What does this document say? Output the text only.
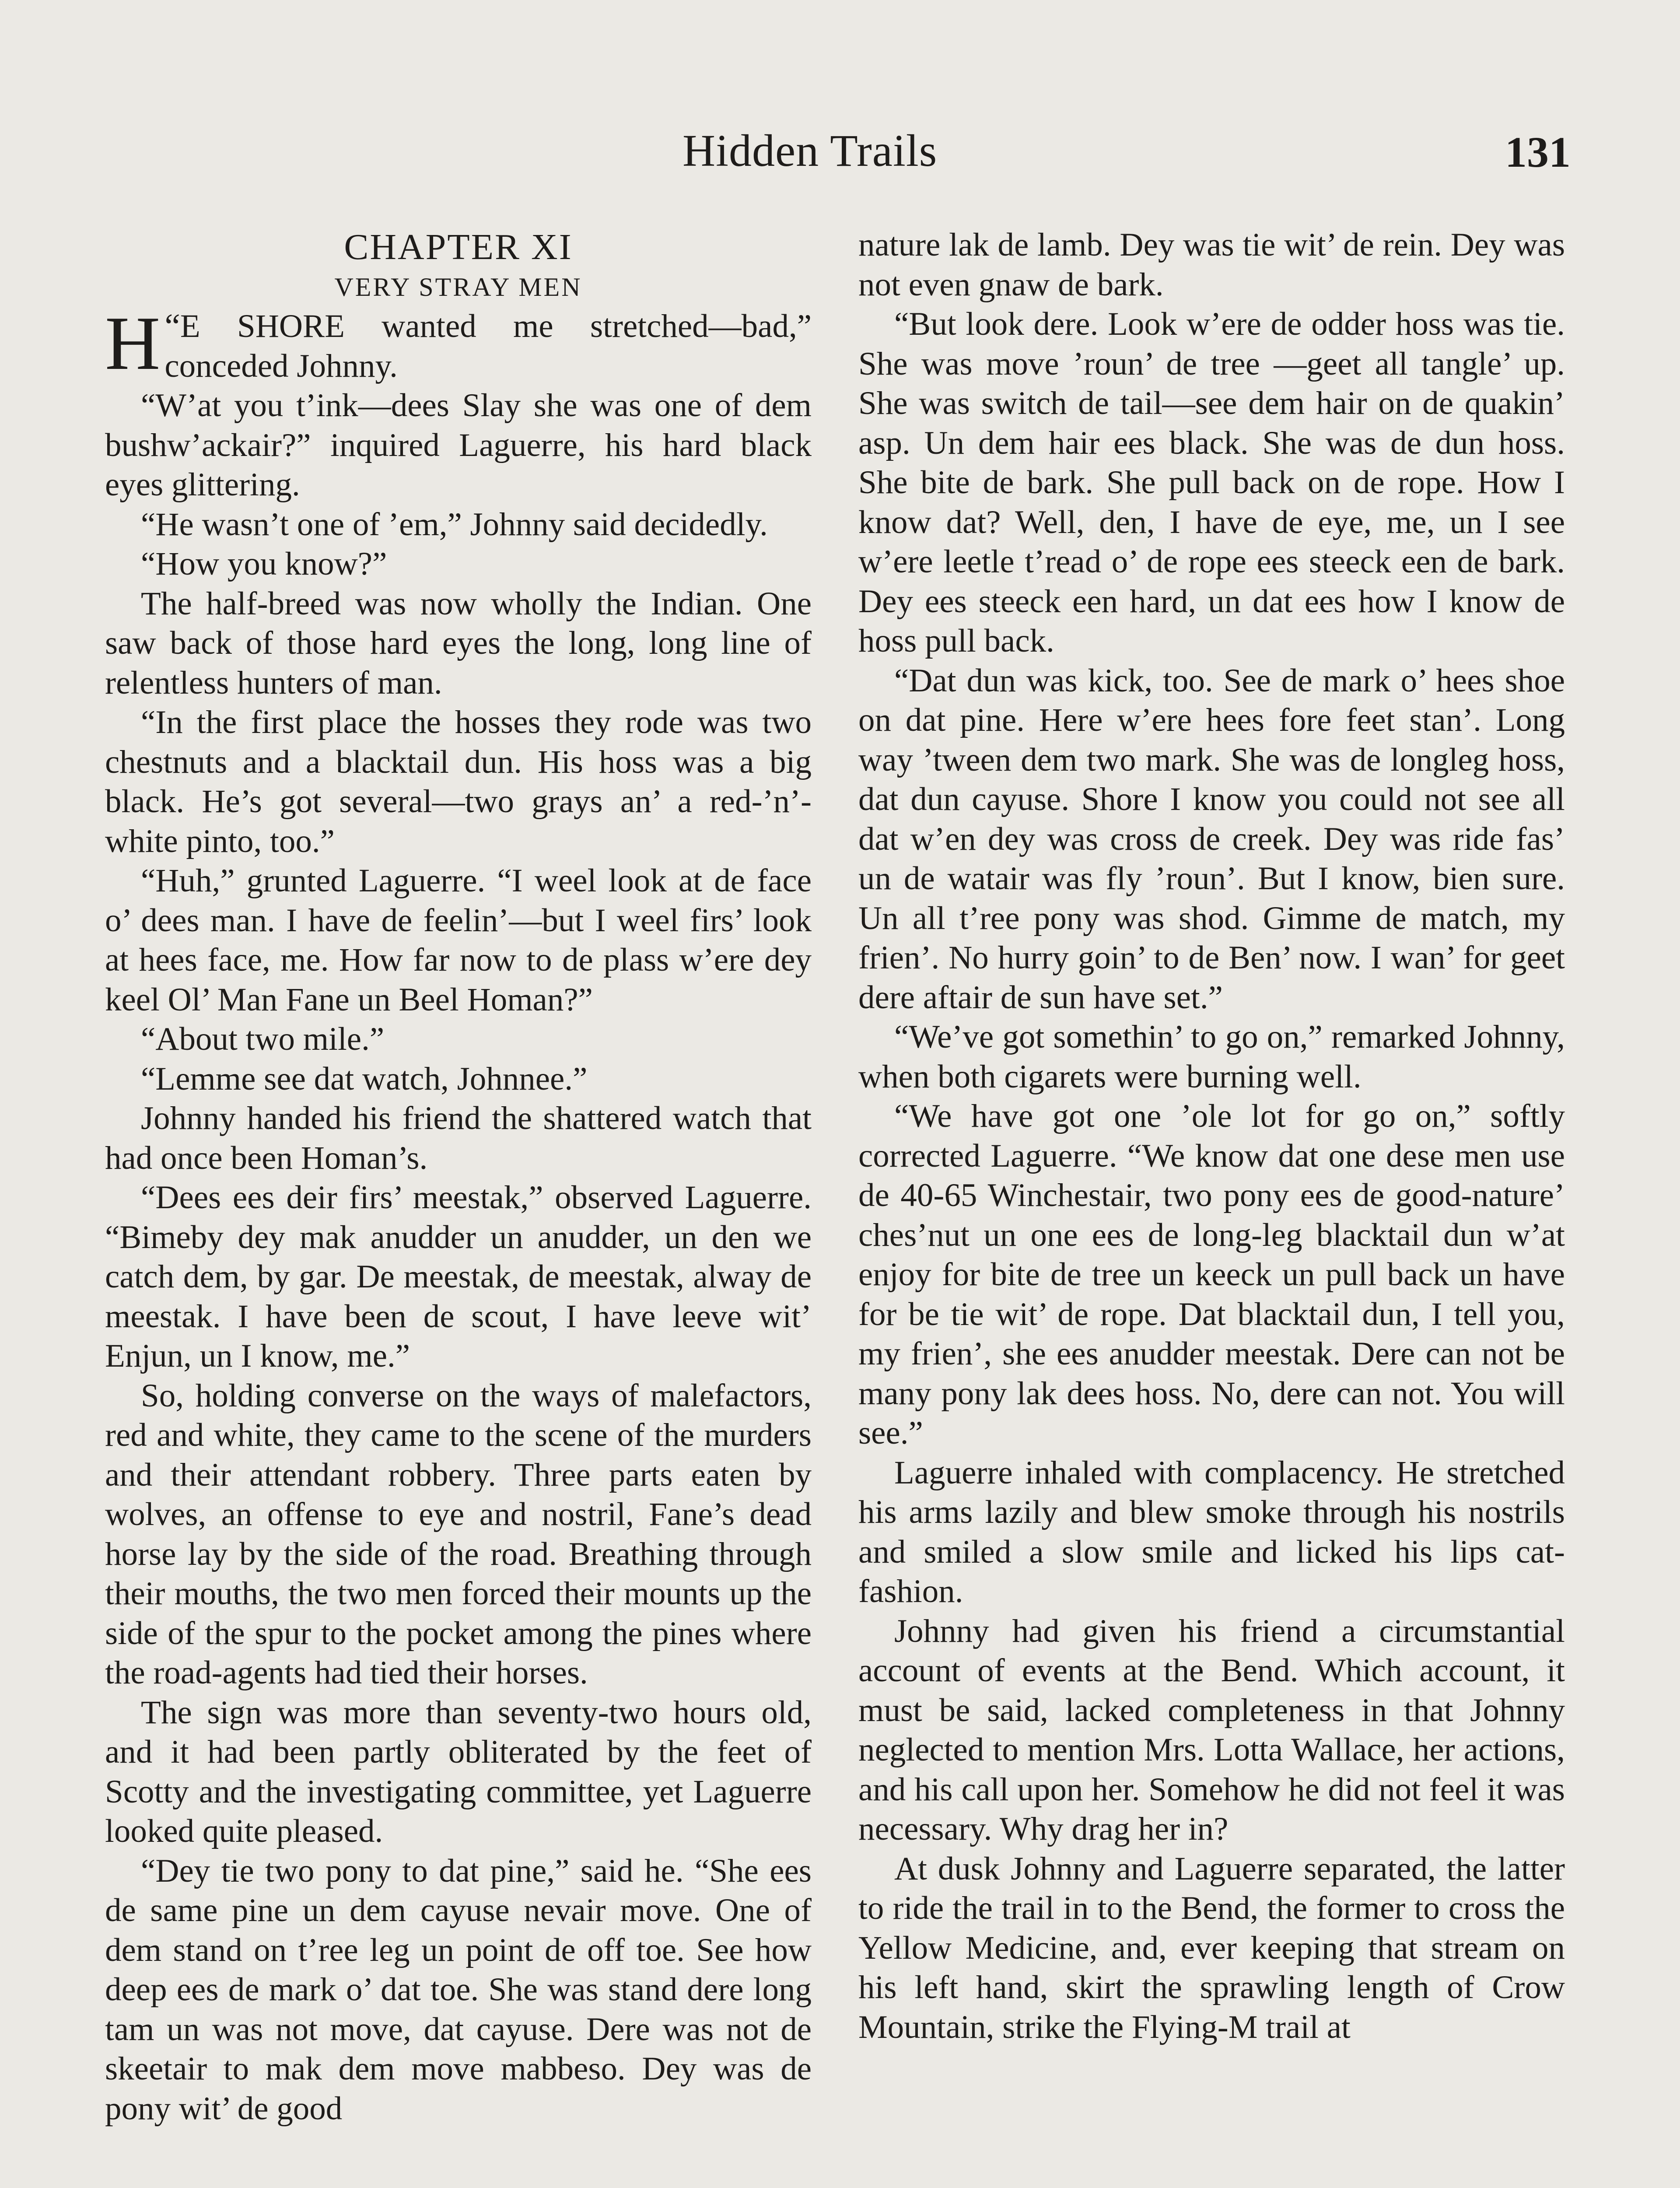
Hidden Trails	131

CHAPTER XI

VERY STRAY MEN

“
H E SHORE wanted me stretched—bad,” conceded Johnny.

“W’at you t’ink—dees Slay she was one of dem bushw’ackair?” inquired Laguerre, his hard black eyes glittering.

“He wasn’t one of ’em,” Johnny said decidedly.

“How you know?”

The half-breed was now wholly the Indian. One saw back of those hard eyes the long, long line of relentless hunters of man.

“In the first place the hosses they rode was two chestnuts and a blacktail dun. His hoss was a big black. He’s got several—two grays an’ a red-’n’-white pinto, too.”

“Huh,” grunted Laguerre. “I weel look at de face o’ dees man. I have de feelin’—but I weel firs’ look at hees face, me. How far now to de plass w’ere dey keel Ol’ Man Fane un Beel Homan?”

“About two mile.”

“Lemme see dat watch, Johnnee.”

Johnny handed his friend the shattered watch that had once been Homan’s.

“Dees ees deir firs’ meestak,” observed Laguerre. “Bimeby dey mak anudder un anudder, un den we catch dem, by gar. De meestak, de meestak, alway de meestak. I have been de scout, I have leeve wit’ Enjun, un I know, me.”

So, holding converse on the ways of malefactors, red and white, they came to the scene of the murders and their attendant robbery. Three parts eaten by wolves, an offense to eye and nostril, Fane’s dead horse lay by the side of the road. Breathing through their mouths, the two men forced their mounts up the side of the spur to the pocket among the pines where the road-agents had tied their horses.

The sign was more than seventy-two hours old, and it had been partly obliterated by the feet of Scotty and the investigating committee, yet Laguerre looked quite pleased.

“Dey tie two pony to dat pine,” said he. “She ees de same pine un dem cayuse nevair move. One of dem stand on t’ree leg un point de off toe. See how deep ees de mark o’ dat toe. She was stand dere long tam un was not move, dat cayuse. Dere was not de skeetair to mak dem move mabbeso. Dey was de pony wit’ de good

nature lak de lamb. Dey was tie wit’ de rein. Dey was not even gnaw de bark.

“But look dere. Look w’ere de odder hoss was tie. She was move ’roun’ de tree —geet all tangle’ up. She was switch de tail—see dem hair on de quakin’ asp. Un dem hair ees black. She was de dun hoss. She bite de bark. She pull back on de rope. How I know dat? Well, den, I have de eye, me, un I see w’ere leetle t’read o’ de rope ees steeck een de bark. Dey ees steeck een hard, un dat ees how I know de hoss pull back.

“Dat dun was kick, too. See de mark o’ hees shoe on dat pine. Here w’ere hees fore feet stan’. Long way ’tween dem two mark. She was de longleg hoss, dat dun cayuse. Shore I know you could not see all dat w’en dey was cross de creek. Dey was ride fas’ un de watair was fly ’roun’. But I know, bien sure. Un all t’ree pony was shod. Gimme de match, my frien’. No hurry goin’ to de Ben’ now. I wan’ for geet dere aftair de sun have set.”

“We’ve got somethin’ to go on,” remarked Johnny, when both cigarets were burning well.

“We have got one ’ole lot for go on,” softly corrected Laguerre. “We know dat one dese men use de 40-65 Winchestair, two pony ees de good-nature’ ches’nut un one ees de long-leg blacktail dun w’at enjoy for bite de tree un keeck un pull back un have for be tie wit’ de rope. Dat blacktail dun, I tell you, my frien’, she ees anudder meestak. Dere can not be many pony lak dees hoss. No, dere can not. You will see.”

Laguerre inhaled with complacency. He stretched his arms lazily and blew smoke through his nostrils and smiled a slow smile and licked his lips cat-fashion.

Johnny had given his friend a circumstantial account of events at the Bend. Which account, it must be said, lacked completeness in that Johnny neglected to mention Mrs. Lotta Wallace, her actions, and his call upon her. Somehow he did not feel it was necessary. Why drag her in?

At dusk Johnny and Laguerre separated, the latter to ride the trail in to the Bend, the former to cross the Yellow Medicine, and, ever keeping that stream on his left hand, skirt the sprawling length of Crow Mountain, strike the Flying-M trail at
